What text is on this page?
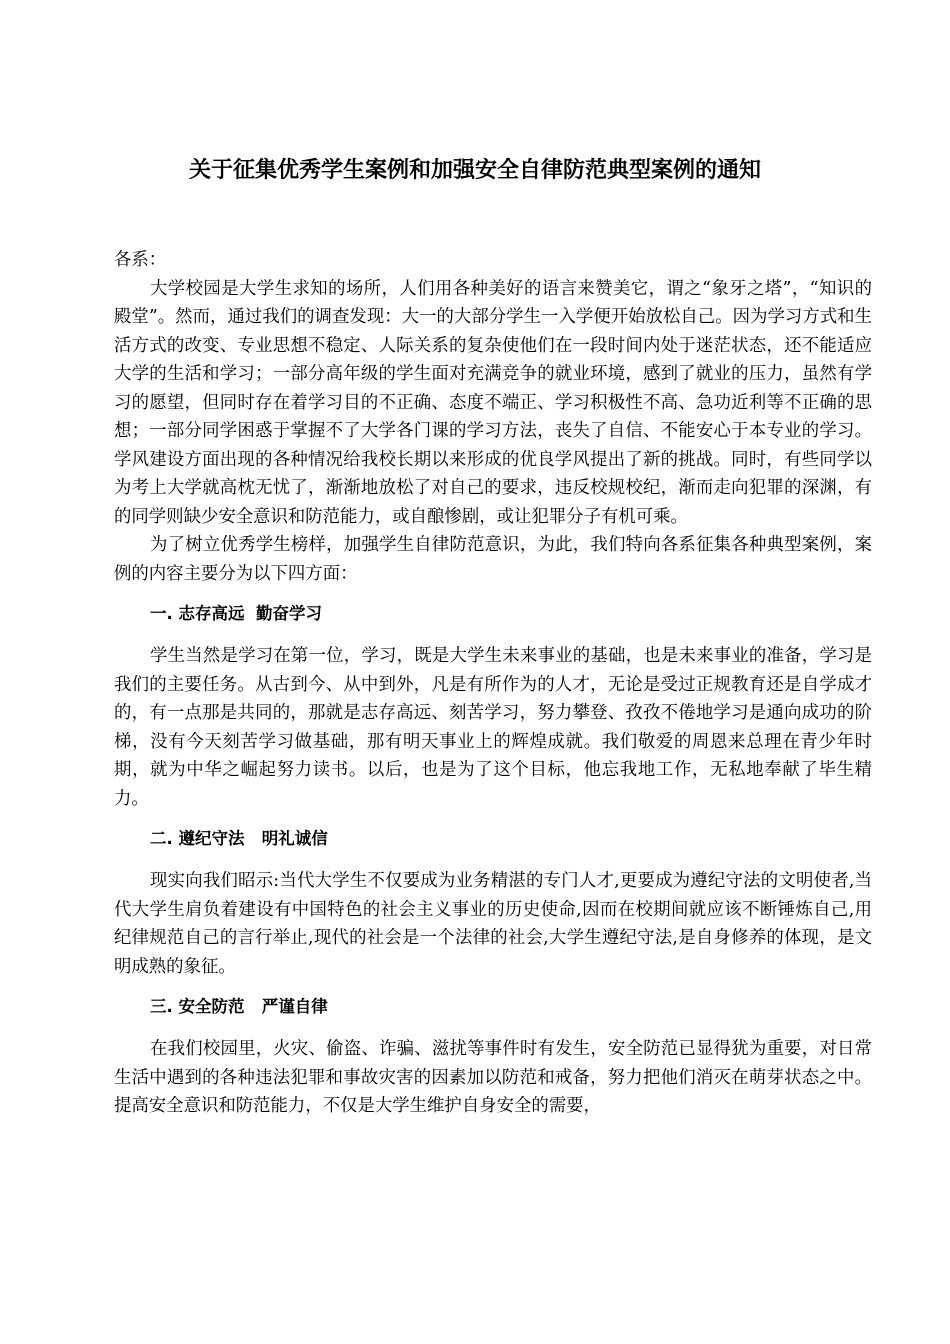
关于征集优秀学生案例和加强安全自律防范典型案例的通知

各系：

大学校园是大学生求知的场所，人们用各种美好的语言来赞美它，谓之“象牙之塔”，“知识的殿堂”。然而，通过我们的调查发现：大一的大部分学生一入学便开始放松自己。因为学习方式和生活方式的改变、专业思想不稳定、人际关系的复杂使他们在一段时间内处于迷茫状态，还不能适应大学的生活和学习；一部分高年级的学生面对充满竞争的就业环境，感到了就业的压力，虽然有学习的愿望，但同时存在着学习目的不正确、态度不端正、学习积极性不高、急功近利等不正确的思想；一部分同学困惑于掌握不了大学各门课的学习方法，丧失了自信、不能安心于本专业的学习。学风建设方面出现的各种情况给我校长期以来形成的优良学风提出了新的挑战。同时，有些同学以为考上大学就高枕无忧了，渐渐地放松了对自己的要求，违反校规校纪，渐而走向犯罪的深渊，有的同学则缺少安全意识和防范能力，或自酿惨剧，或让犯罪分子有机可乘。

为了树立优秀学生榜样，加强学生自律防范意识，为此，我们特向各系征集各种典型案例，案例的内容主要分为以下四方面：

一. 志存高远  勤奋学习

学生当然是学习在第一位，学习，既是大学生未来事业的基础，也是未来事业的准备，学习是我们的主要任务。从古到今、从中到外，凡是有所作为的人才，无论是受过正规教育还是自学成才的，有一点那是共同的，那就是志存高远、刻苦学习，努力攀登、孜孜不倦地学习是通向成功的阶梯，没有今天刻苦学习做基础，那有明天事业上的辉煌成就。我们敬爱的周恩来总理在青少年时期，就为中华之崛起努力读书。以后，也是为了这个目标，他忘我地工作，无私地奉献了毕生精力。

二. 遵纪守法   明礼诚信

现实向我们昭示:当代大学生不仅要成为业务精湛的专门人才,更要成为遵纪守法的文明使者,当代大学生肩负着建设有中国特色的社会主义事业的历史使命,因而在校期间就应该不断锤炼自己,用纪律规范自己的言行举止,现代的社会是一个法律的社会,大学生遵纪守法,是自身修养的体现，是文明成熟的象征。

三. 安全防范   严谨自律

在我们校园里，火灾、偷盗、诈骗、滋扰等事件时有发生，安全防范已显得犹为重要，对日常生活中遇到的各种违法犯罪和事故灾害的因素加以防范和戒备，努力把他们消灭在萌芽状态之中。提高安全意识和防范能力，不仅是大学生维护自身安全的需要，
